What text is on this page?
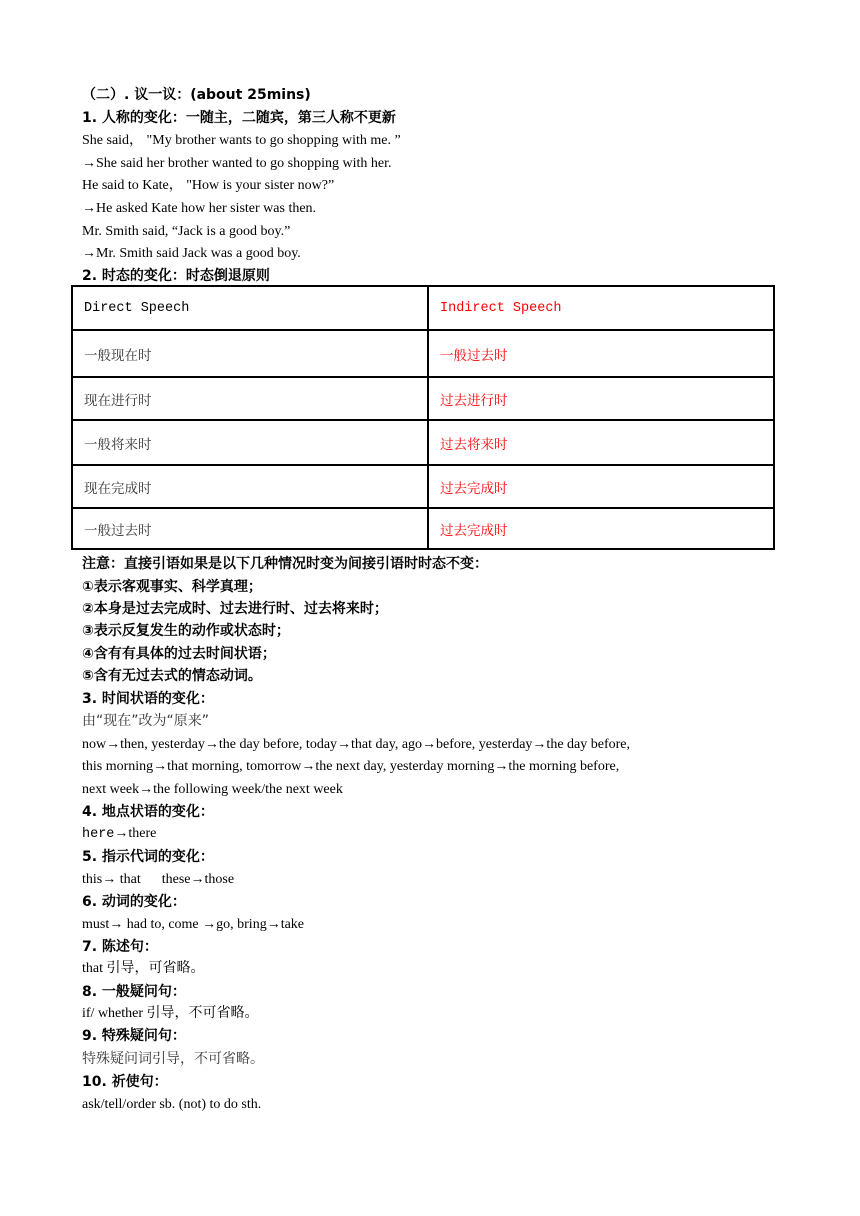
（二）. 议一议：(about 25mins)
1. 人称的变化：一随主，二随宾，第三人称不更新
She said， "My brother wants to go shopping with me. ”
→She said her brother wanted to go shopping with her.
He said to Kate， "How is your sister now?”
→He asked Kate how her sister was then.
Mr. Smith said, “Jack is a good boy.”
→Mr. Smith said Jack was a good boy.
2. 时态的变化：时态倒退原则
Direct Speech	Indirect Speech
一般现在时	一般过去时
现在进行时	过去进行时
一般将来时	过去将来时
现在完成时	过去完成时
一般过去时	过去完成时
注意：直接引语如果是以下几种情况时变为间接引语时时态不变：
①表示客观事实、科学真理；
②本身是过去完成时、过去进行时、过去将来时；
③表示反复发生的动作或状态时；
④含有有具体的过去时间状语；
⑤含有无过去式的情态动词。
3. 时间状语的变化：
由“现在”改为“原来”
now→then, yesterday→the day before, today→that day, ago→before, yesterday→the day before,
this morning→that morning, tomorrow→the next day, yesterday morning→the morning before,
next week→the following week/the next week
4. 地点状语的变化：
here→there
5. 指示代词的变化：
this→ that      these→those
6. 动词的变化：
must→ had to, come →go, bring→take
7. 陈述句：
that 引导，可省略。
8. 一般疑问句：
if/ whether 引导，不可省略。
9. 特殊疑问句：
特殊疑问词引导，不可省略。
10. 祈使句：
ask/tell/order sb. (not) to do sth.
